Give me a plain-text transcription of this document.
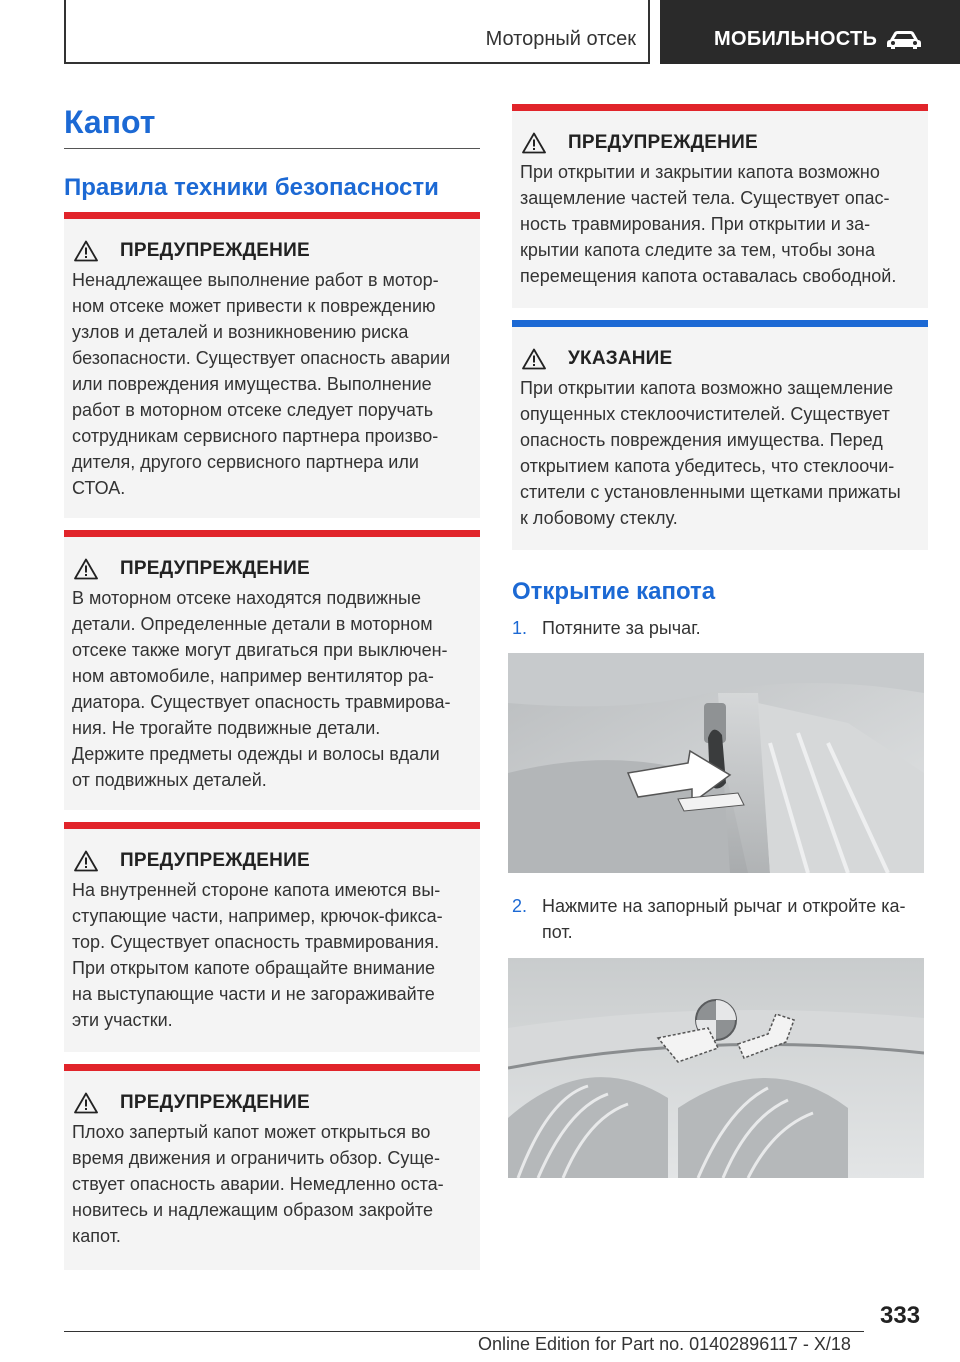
Моторный отсек	МОБИЛЬНОСТЬ
Капот
Правила техники безопасности
ПРЕДУПРЕЖДЕНИЕ
Ненадлежащее выполнение работ в мотор-
ном отсеке может привести к повреждению
узлов и деталей и возникновению риска
безопасности. Существует опасность аварии
или повреждения имущества. Выполнение
работ в моторном отсеке следует поручать
сотрудникам сервисного партнера произво-
дителя, другого сервисного партнера или
СТОА.
ПРЕДУПРЕЖДЕНИЕ
В моторном отсеке находятся подвижные
детали. Определенные детали в моторном
отсеке также могут двигаться при выключен-
ном автомобиле, например вентилятор ра-
диатора. Существует опасность травмирова-
ния. Не трогайте подвижные детали.
Держите предметы одежды и волосы вдали
от подвижных деталей.
ПРЕДУПРЕЖДЕНИЕ
На внутренней стороне капота имеются вы-
ступающие части, например, крючок-фикса-
тор. Существует опасность травмирования.
При открытом капоте обращайте внимание
на выступающие части и не загораживайте
эти участки.
ПРЕДУПРЕЖДЕНИЕ
Плохо запертый капот может открыться во
время движения и ограничить обзор. Суще-
ствует опасность аварии. Немедленно оста-
новитесь и надлежащим образом закройте
капот.
ПРЕДУПРЕЖДЕНИЕ
При открытии и закрытии капота возможно
защемление частей тела. Существует опас-
ность травмирования. При открытии и за-
крытии капота следите за тем, чтобы зона
перемещения капота оставалась свободной.
УКАЗАНИЕ
При открытии капота возможно защемление
опущенных стеклоочистителей. Существует
опасность повреждения имущества. Перед
открытием капота убедитесь, что стеклоочи-
стители с установленными щетками прижаты
к лобовому стеклу.
Открытие капота
1. Потяните за рычаг.
2. Нажмите на запорный рычаг и откройте ка-
пот.
333
Online Edition for Part no. 01402896117 - X/18
